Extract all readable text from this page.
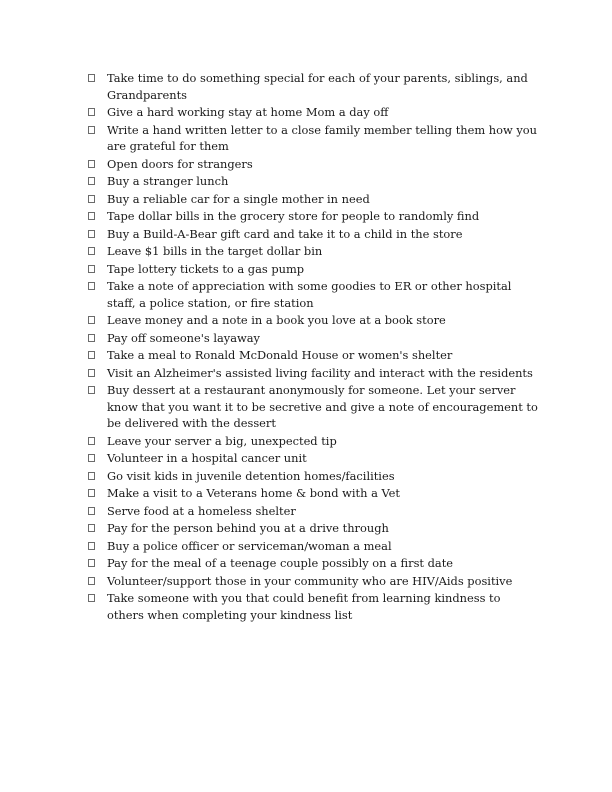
Take time to do something special for each of your parents, siblings, and Grandparents
Give a hard working stay at home Mom a day off
Write a hand written letter to a close family member telling them how you are grateful for them
Open doors for strangers
Buy a stranger lunch
Buy a reliable car for a single mother in need
Tape dollar bills in the grocery store for people to randomly find
Buy a Build-A-Bear gift card and take it to a child in the store
Leave $1 bills in the target dollar bin
Tape lottery tickets to a gas pump
Take a note of appreciation with some goodies to ER or other hospital staff, a police station, or fire station
Leave money and a note in a book you love at a book store
Pay off someone's layaway
Take a meal to Ronald McDonald House or women's shelter
Visit an Alzheimer's assisted living facility and interact with the residents
Buy dessert at a restaurant anonymously for someone. Let your server know that you want it to be secretive and give a note of encouragement to be delivered with the dessert
Leave your server a big, unexpected tip
Volunteer in a hospital cancer unit
Go visit kids in juvenile detention homes/facilities
Make a visit to a Veterans home & bond with a Vet
Serve food at a homeless shelter
Pay for the person behind you at a drive through
Buy a police officer or serviceman/woman a meal
Pay for the meal of a teenage couple possibly on a first date
Volunteer/support those in your community who are HIV/Aids positive
Take someone with you that could benefit from learning kindness to others when completing your kindness list
